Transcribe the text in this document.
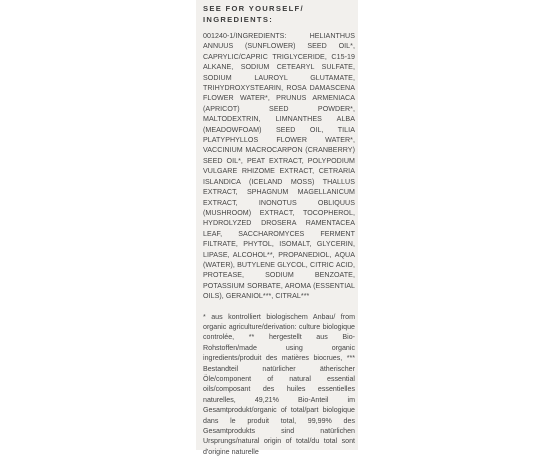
SEE FOR YOURSELF/
INGREDIENTS:
001240-1/INGREDIENTS: HELIANTHUS ANNUUS (SUNFLOWER) SEED OIL*, CAPRYLIC/CAPRIC TRIGLYCERIDE, C15-19 ALKANE, SODIUM CETEARYL SULFATE, SODIUM LAUROYL GLUTAMATE, TRIHYDROXYSTEARIN, ROSA DAMASCENA FLOWER WATER*, PRUNUS ARMENIACA (APRICOT) SEED POWDER*, MALTODEXTRIN, LIMNANTHES ALBA (MEADOWFOAM) SEED OIL, TILIA PLATYPHYLLOS FLOWER WATER*, VACCINIUM MACROCARPON (CRANBERRY) SEED OIL*, PEAT EXTRACT, POLYPODIUM VULGARE RHIZOME EXTRACT, CETRARIA ISLANDICA (ICELAND MOSS) THALLUS EXTRACT, SPHAGNUM MAGELLANICUM EXTRACT, INONOTUS OBLIQUUS (MUSHROOM) EXTRACT, TOCOPHEROL, HYDROLYZED DROSERA RAMENTACEA LEAF, SACCHAROMYCES FERMENT FILTRATE, PHYTOL, ISOMALT, GLYCERIN, LIPASE, ALCOHOL**, PROPANEDIOL, AQUA (WATER), BUTYLENE GLYCOL, CITRIC ACID, PROTEASE, SODIUM BENZOATE, POTASSIUM SORBATE, AROMA (ESSENTIAL OILS), GERANIOL***, CITRAL***
* aus kontrolliert biologischem Anbau/ from organic agriculture/derivation: culture biologique controlée, ** hergestellt aus Bio-Rohstoffen/made using organic ingredients/produit des matières biocrues, *** Bestandteil natürlicher ätherischer Öle/component of natural essential oils/composant des huiles essentielles naturelles, 49,21% Bio-Anteil im Gesamtprodukt/organic of total/part biologique dans le produit total, 99,99% des Gesamtprodukts sind natürlichen Ursprungs/natural origin of total/du total sont d'origine naturelle
